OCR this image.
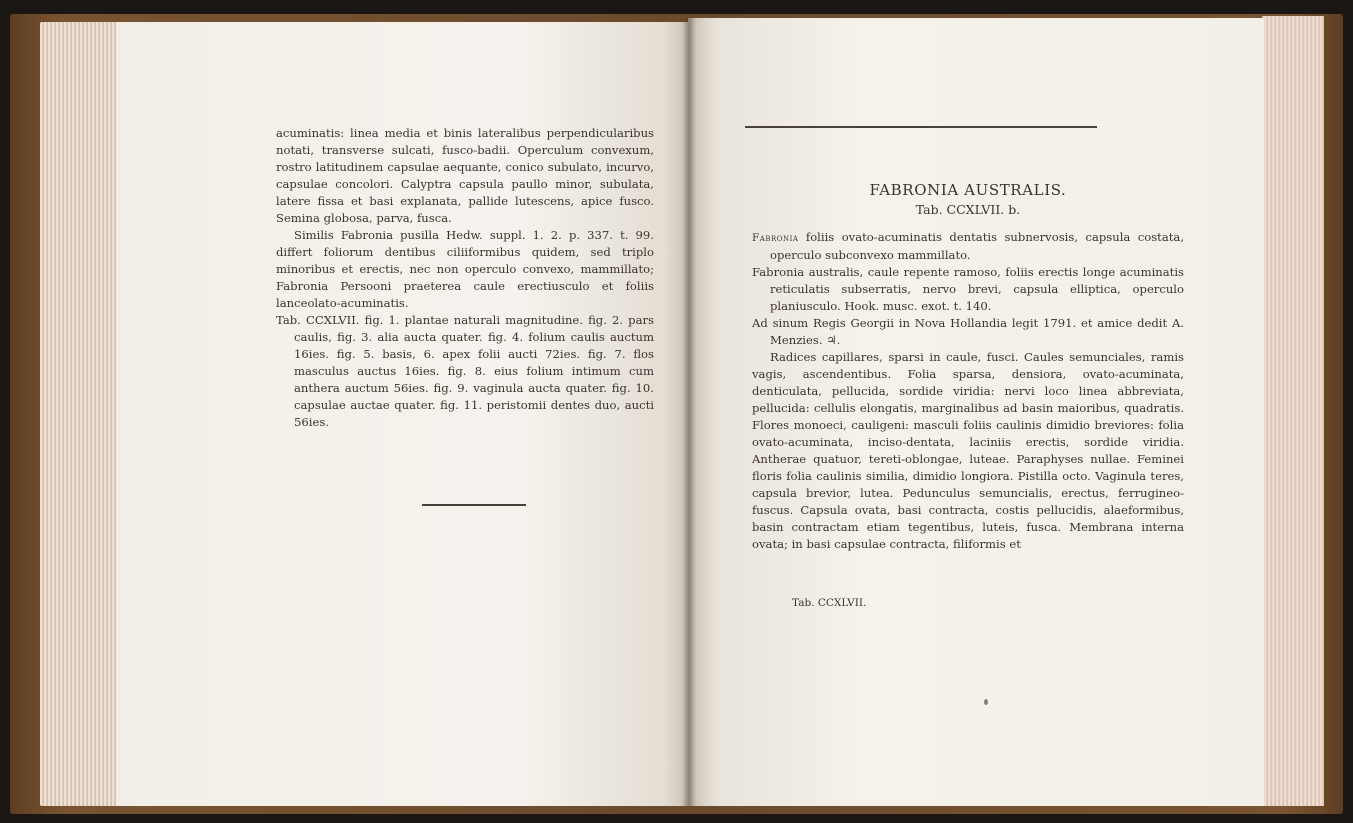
acuminatis: linea media et binis lateralibus perpendicularibus notati, transverse sulcati, fusco-badii. Operculum convexum, rostro latitudinem capsulae aequante, conico subulato, incurvo, capsulae concolori. Calyptra capsula paullo minor, subulata, latere fissa et basi explanata, pallide lutescens, apice fusco. Semina globosa, parva, fusca.

Similis Fabronia pusilla Hedw. suppl. 1. 2. p. 337. t. 99. differt foliorum dentibus ciliiformibus quidem, sed triplo minoribus et erectis, nec non operculo convexo, mammillato; Fabronia Persooni praeterea caule erectiusculo et foliis lanceolato-acuminatis.

Tab. CCXLVII. fig. 1. plantae naturali magnitudine. fig. 2. pars caulis, fig. 3. alia aucta quater. fig. 4. folium caulis auctum 16ies. fig. 5. basis, 6. apex folii aucti 72ies. fig. 7. flos masculus auctus 16ies. fig. 8. eius folium intimum cum anthera auctum 56ies. fig. 9. vaginula aucta quater. fig. 10. capsulae auctae quater. fig. 11. peristomii dentes duo, aucti 56ies.

FABRONIA AUSTRALIS.
Tab. CCXLVII. b.

Fabronia foliis ovato-acuminatis dentatis subnervosis, capsula costata, operculo subconvexo mammillato.

Fabronia australis, caule repente ramoso, foliis erectis longe acuminatis reticulatis subserratis, nervo brevi, capsula elliptica, operculo planiusculo. Hook. musc. exot. t. 140.

Ad sinum Regis Georgii in Nova Hollandia legit 1791. et amice dedit A. Menzies. ♃.

Radices capillares, sparsi in caule, fusci. Caules semunciales, ramis vagis, ascendentibus. Folia sparsa, densiora, ovato-acuminata, denticulata, pellucida, sordide viridia: nervi loco linea abbreviata, pellucida: cellulis elongatis, marginalibus ad basin maioribus, quadratis. Flores monoeci, cauligeni: masculi foliis caulinis dimidio breviores: folia ovato-acuminata, inciso-dentata, laciniis erectis, sordide viridia. Antherae quatuor, tereti-oblongae, luteae. Paraphyses nullae. Feminei floris folia caulinis similia, dimidio longiora. Pistilla octo. Vaginula teres, capsula brevior, lutea. Pedunculus semuncialis, erectus, ferrugineo-fuscus. Capsula ovata, basi contracta, costis pellucidis, alaeformibus, basin contractam etiam tegentibus, luteis, fusca. Membrana interna ovata; in basi capsulae contracta, filiformis et

Tab. CCXLVII.
